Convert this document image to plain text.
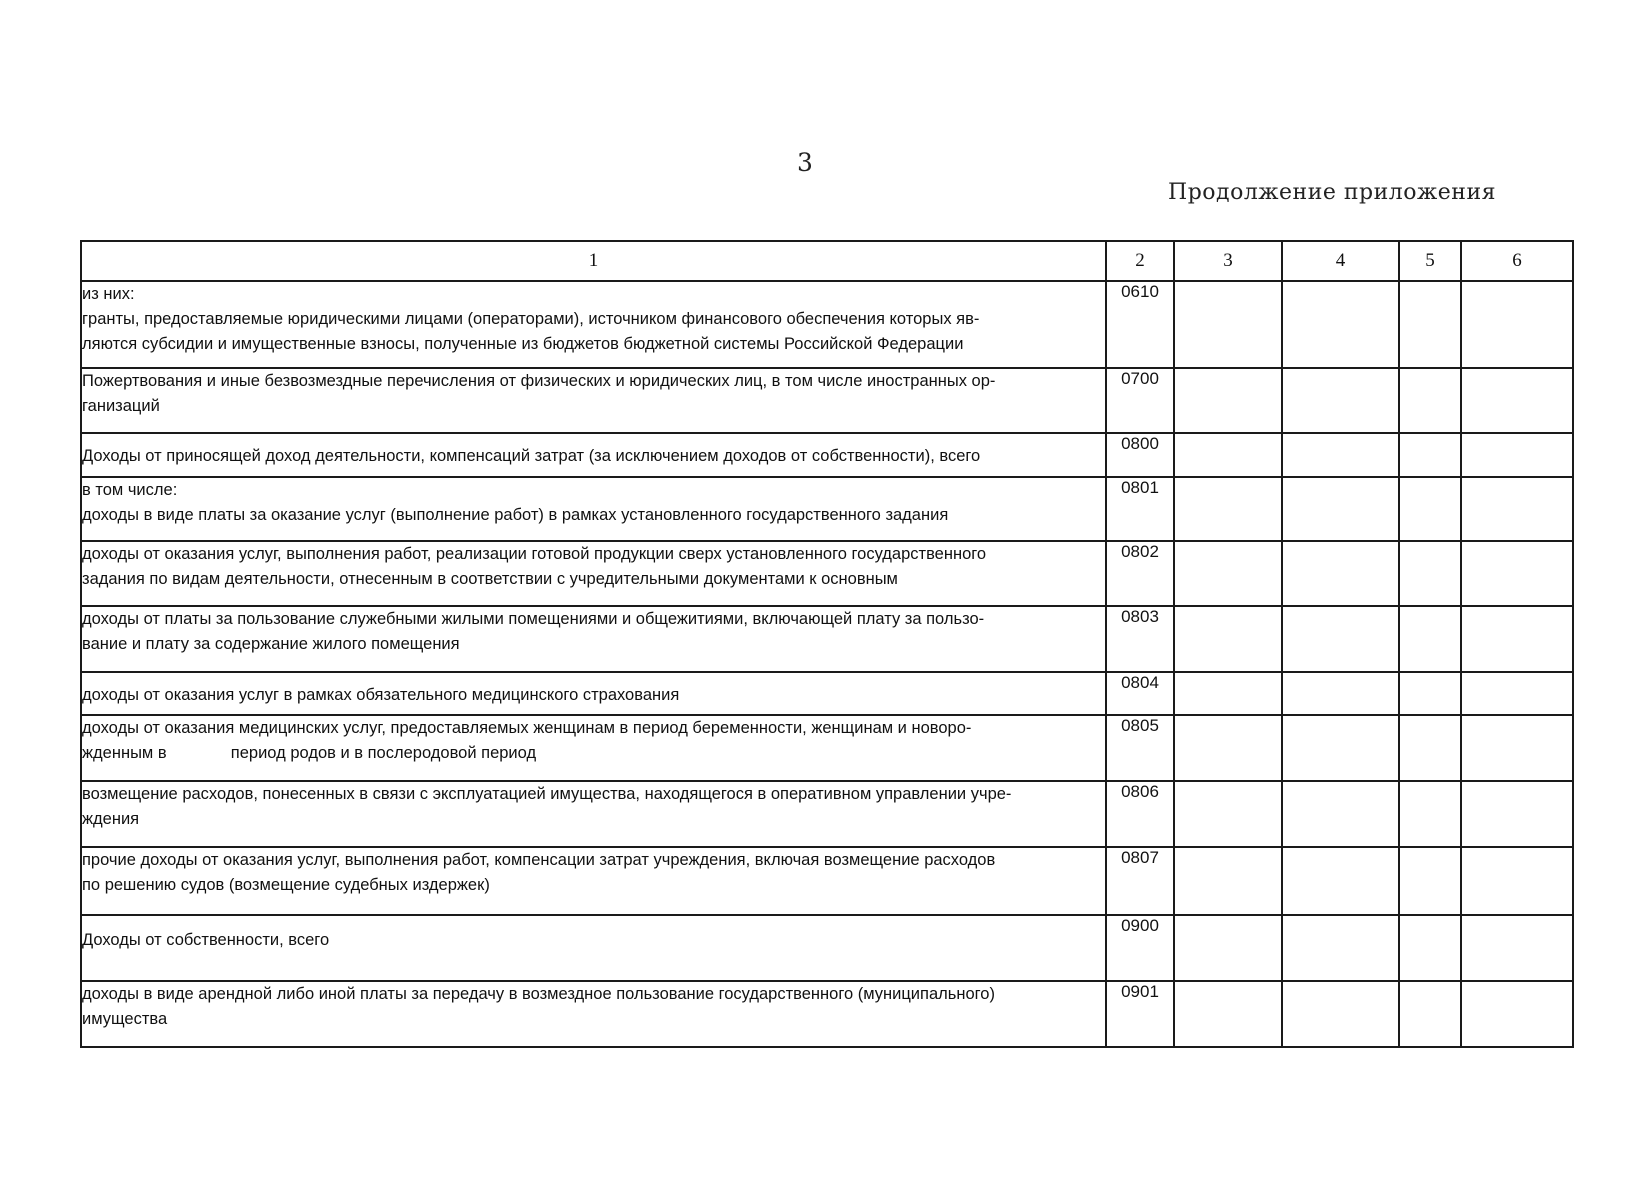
3
Продолжение приложения
1	2	3	4	5	6

из них:
гранты, предоставляемые юридическими лицами (операторами), источником финансового обеспечения которых яв-
ляются субсидии и имущественные взносы, полученные из бюджетов бюджетной системы Российской Федерации	0610				

Пожертвования и иные безвозмездные перечисления от физических и юридических лиц, в том числе иностранных ор-
ганизаций	0700				

Доходы от приносящей доход деятельности, компенсаций затрат (за исключением доходов от собственности), всего	0800				

в том числе:
доходы в виде платы за оказание услуг (выполнение работ) в рамках установленного государственного задания	0801				

доходы от оказания услуг, выполнения работ, реализации готовой продукции сверх установленного государственного
задания по видам деятельности, отнесенным в соответствии с учредительными документами к основным	0802				

доходы от платы за пользование служебными жилыми помещениями и общежитиями, включающей плату за пользо-
вание и плату за содержание жилого помещения	0803				

доходы от оказания услуг в рамках обязательного медицинского страхования	0804				

доходы от оказания медицинских услуг, предоставляемых женщинам в период беременности, женщинам и новоро-
жденным в              период родов и в послеродовой период	0805				

возмещение расходов, понесенных в связи с эксплуатацией имущества, находящегося в оперативном управлении учре-
ждения	0806				

прочие доходы от оказания услуг, выполнения работ, компенсации затрат учреждения, включая возмещение расходов
по решению судов (возмещение судебных издержек)	0807				

Доходы от собственности, всего	0900				

доходы в виде арендной либо иной платы за передачу в возмездное пользование государственного (муниципального)
имущества	0901				
